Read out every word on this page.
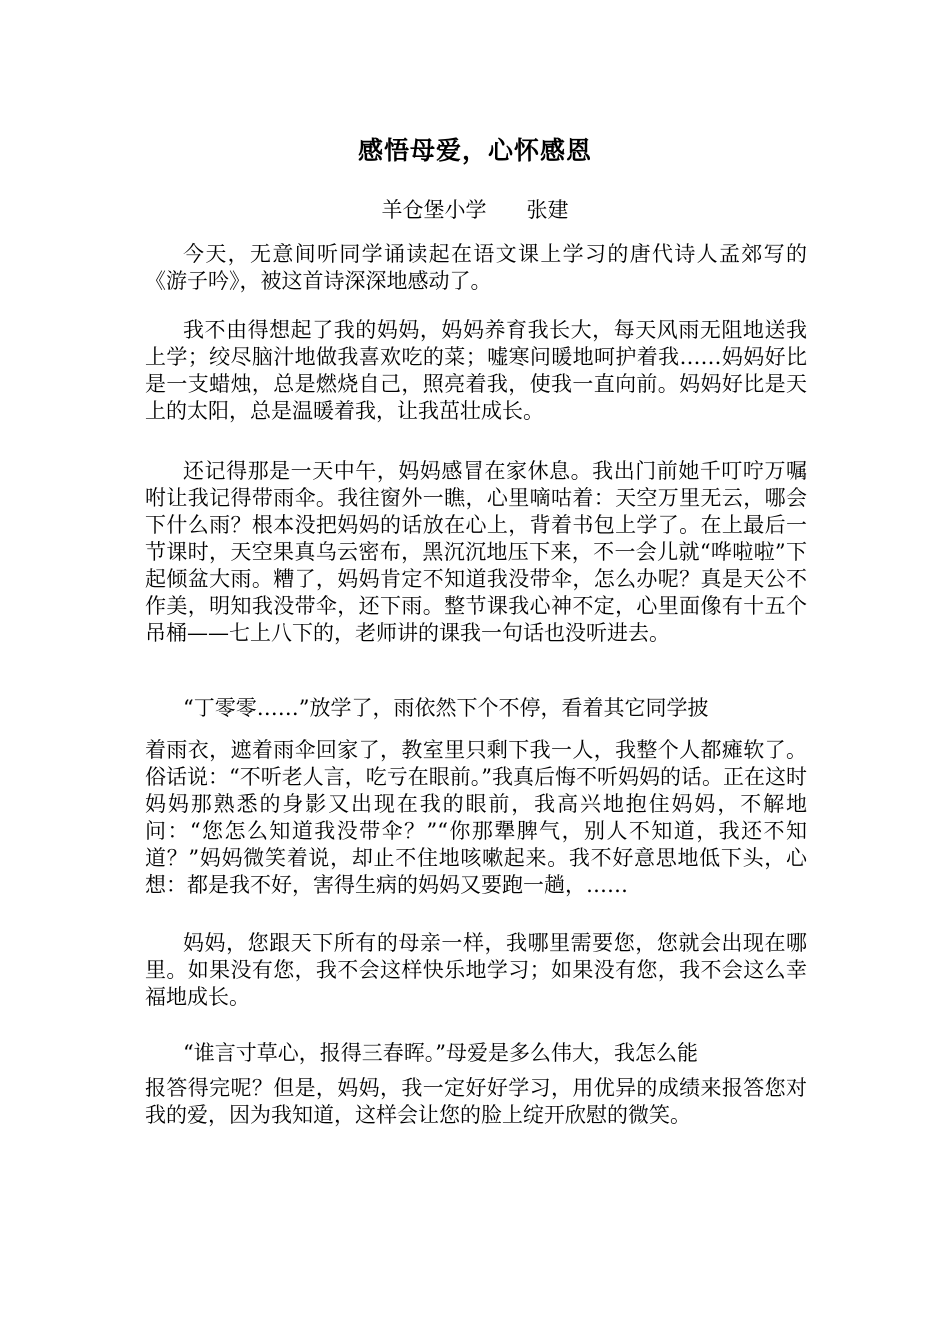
感悟母爱，心怀感恩
羊仓堡小学 张建

今天，无意间听同学诵读起在语文课上学习的唐代诗人孟郊写的《游子吟》，被这首诗深深地感动了。

我不由得想起了我的妈妈，妈妈养育我长大，每天风雨无阻地送我上学；绞尽脑汁地做我喜欢吃的菜；嘘寒问暖地呵护着我……妈妈好比是一支蜡烛，总是燃烧自己，照亮着我，使我一直向前。妈妈好比是天上的太阳，总是温暖着我，让我茁壮成长。

还记得那是一天中午，妈妈感冒在家休息。我出门前她千叮咛万嘱咐让我记得带雨伞。我往窗外一瞧，心里嘀咕着：天空万里无云，哪会下什么雨？根本没把妈妈的话放在心上，背着书包上学了。在上最后一节课时，天空果真乌云密布，黑沉沉地压下来，不一会儿就“哗啦啦”下起倾盆大雨。糟了，妈妈肯定不知道我没带伞，怎么办呢？真是天公不作美，明知我没带伞，还下雨。整节课我心神不定，心里面像有十五个吊桶——七上八下的，老师讲的课我一句话也没听进去。

“丁零零……”放学了，雨依然下个不停，看着其它同学披

着雨衣，遮着雨伞回家了，教室里只剩下我一人，我整个人都瘫软了。俗话说：“不听老人言，吃亏在眼前。”我真后悔不听妈妈的话。正在这时妈妈那熟悉的身影又出现在我的眼前，我高兴地抱住妈妈，不解地问：“您怎么知道我没带伞？”“你那犟脾气，别人不知道，我还不知道？”妈妈微笑着说，却止不住地咳嗽起来。我不好意思地低下头，心想：都是我不好，害得生病的妈妈又要跑一趟，……

妈妈，您跟天下所有的母亲一样，我哪里需要您，您就会出现在哪里。如果没有您，我不会这样快乐地学习；如果没有您，我不会这么幸福地成长。

“谁言寸草心，报得三春晖。”母爱是多么伟大，我怎么能

报答得完呢？但是，妈妈，我一定好好学习，用优异的成绩来报答您对我的爱，因为我知道，这样会让您的脸上绽开欣慰的微笑。
